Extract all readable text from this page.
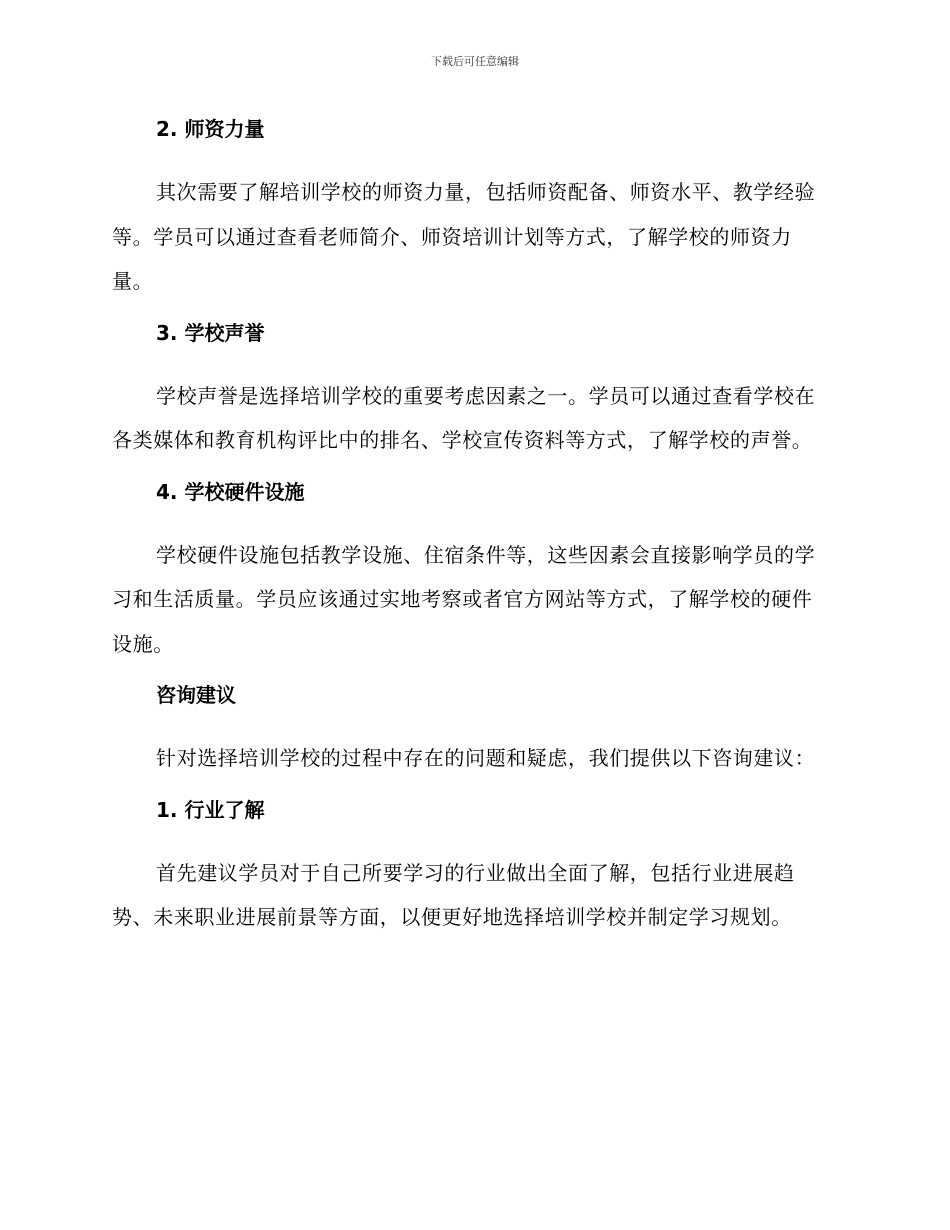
下载后可任意编辑
2. 师资力量

其次需要了解培训学校的师资力量，包括师资配备、师资水平、教学经验等。学员可以通过查看老师简介、师资培训计划等方式，了解学校的师资力量。

3. 学校声誉

学校声誉是选择培训学校的重要考虑因素之一。学员可以通过查看学校在各类媒体和教育机构评比中的排名、学校宣传资料等方式，了解学校的声誉。

4. 学校硬件设施

学校硬件设施包括教学设施、住宿条件等，这些因素会直接影响学员的学习和生活质量。学员应该通过实地考察或者官方网站等方式，了解学校的硬件设施。

咨询建议

针对选择培训学校的过程中存在的问题和疑虑，我们提供以下咨询建议：

1. 行业了解

首先建议学员对于自己所要学习的行业做出全面了解，包括行业进展趋势、未来职业进展前景等方面，以便更好地选择培训学校并制定学习规划。
